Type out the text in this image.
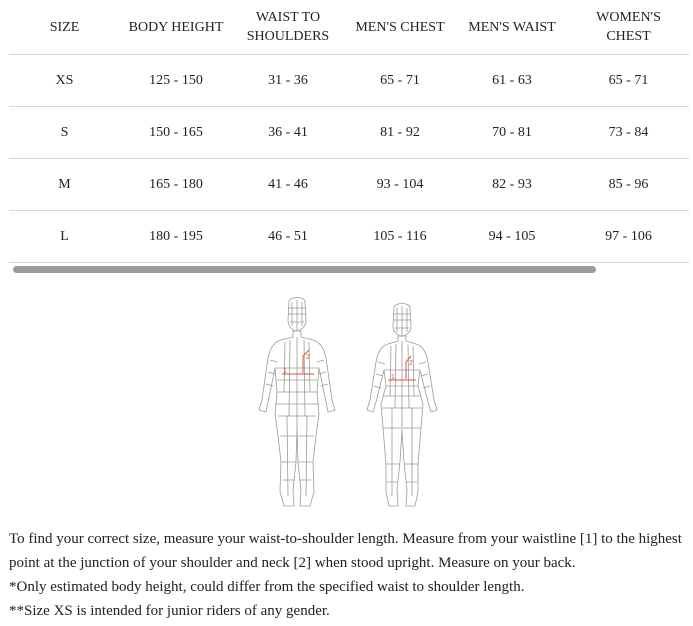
SIZE	BODY HEIGHT	WAIST TO
SHOULDERS	MEN'S CHEST	MEN'S WAIST	WOMEN'S
CHEST
XS	125 - 150	31 - 36	65 - 71	61 - 63	65 - 71
S	150 - 165	36 - 41	81 - 92	70 - 81	73 - 84
M	165 - 180	41 - 46	93 - 104	82 - 93	85 - 96
L	180 - 195	46 - 51	105 - 116	94 - 105	97 - 106
1
2
1
2

To find your correct size, measure your waist-to-shoulder length. Measure from your waistline [1] to the highest point at the junction of your shoulder and neck [2] when stood upright. Measure on your back.

*Only estimated body height, could differ from the specified waist to shoulder length.

**Size XS is intended for junior riders of any gender.
